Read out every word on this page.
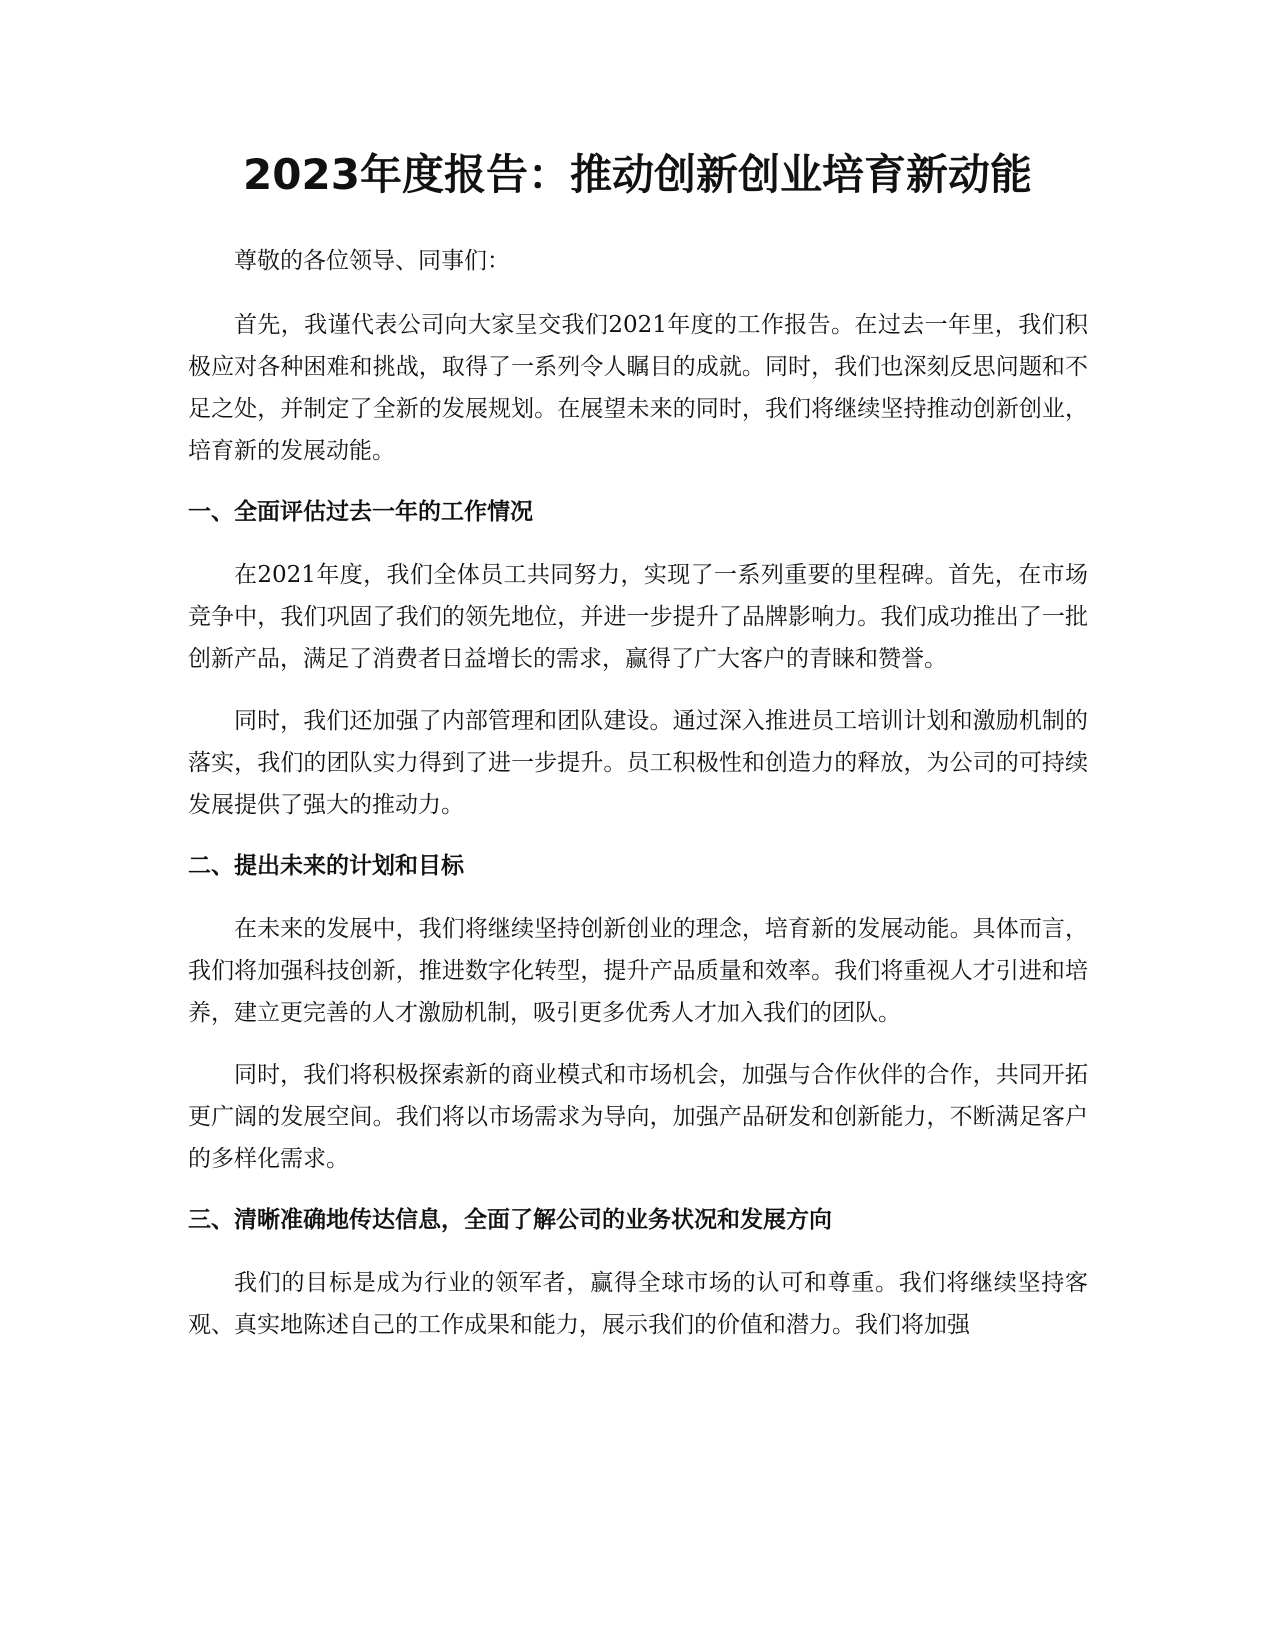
2023年度报告：推动创新创业培育新动能

尊敬的各位领导、同事们：

首先，我谨代表公司向大家呈交我们2021年度的工作报告。在过去一年里，我们积极应对各种困难和挑战，取得了一系列令人瞩目的成就。同时，我们也深刻反思问题和不足之处，并制定了全新的发展规划。在展望未来的同时，我们将继续坚持推动创新创业，培育新的发展动能。

一、全面评估过去一年的工作情况

在2021年度，我们全体员工共同努力，实现了一系列重要的里程碑。首先，在市场竞争中，我们巩固了我们的领先地位，并进一步提升了品牌影响力。我们成功推出了一批创新产品，满足了消费者日益增长的需求，赢得了广大客户的青睐和赞誉。

同时，我们还加强了内部管理和团队建设。通过深入推进员工培训计划和激励机制的落实，我们的团队实力得到了进一步提升。员工积极性和创造力的释放，为公司的可持续发展提供了强大的推动力。

二、提出未来的计划和目标

在未来的发展中，我们将继续坚持创新创业的理念，培育新的发展动能。具体而言，我们将加强科技创新，推进数字化转型，提升产品质量和效率。我们将重视人才引进和培养，建立更完善的人才激励机制，吸引更多优秀人才加入我们的团队。

同时，我们将积极探索新的商业模式和市场机会，加强与合作伙伴的合作，共同开拓更广阔的发展空间。我们将以市场需求为导向，加强产品研发和创新能力，不断满足客户的多样化需求。

三、清晰准确地传达信息，全面了解公司的业务状况和发展方向

我们的目标是成为行业的领军者，赢得全球市场的认可和尊重。我们将继续坚持客观、真实地陈述自己的工作成果和能力，展示我们的价值和潜力。我们将加强
